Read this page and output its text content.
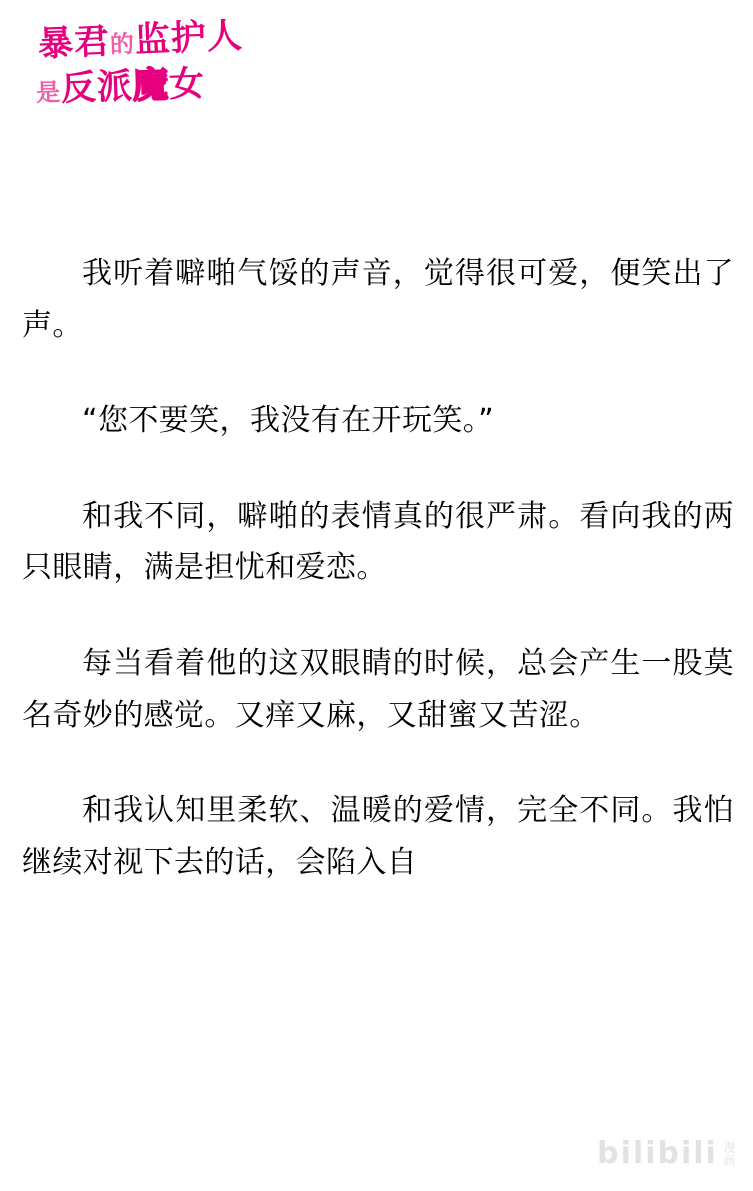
暴君的监护人
是反派魔女

我听着噼啪气馁的声音，觉得很可爱，便笑出了声。

“您不要笑，我没有在开玩笑。”

和我不同，噼啪的表情真的很严肃。看向我的两只眼睛，满是担忧和爱恋。

每当看着他的这双眼睛的时候，总会产生一股莫名奇妙的感觉。又痒又麻，又甜蜜又苦涩。

和我认知里柔软、温暖的爱情，完全不同。我怕继续对视下去的话，会陷入自

bilibili 漫画
